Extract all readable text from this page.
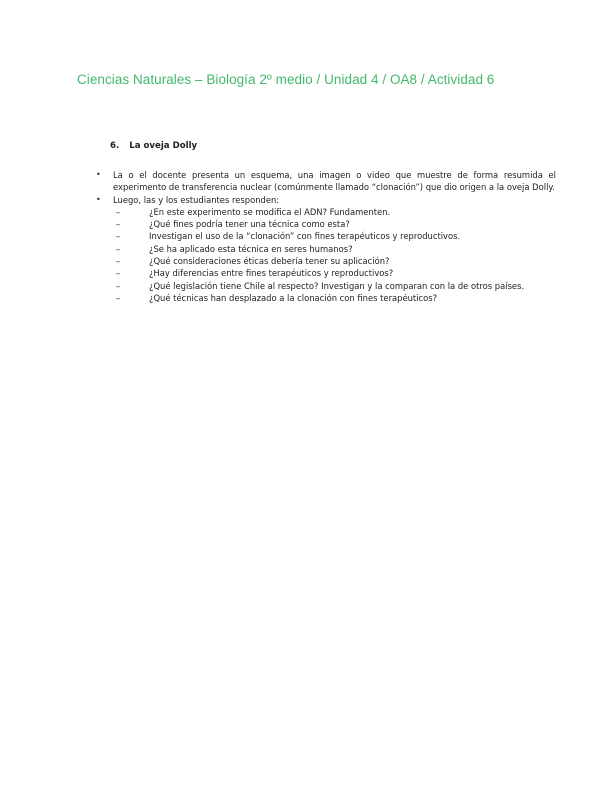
Ciencias Naturales – Biología 2º medio / Unidad 4 / OA8 / Actividad 6
6. La oveja Dolly
• La o el docente presenta un esquema, una imagen o video que muestre de forma resumida el experimento de transferencia nuclear (comúnmente llamado “clonación”) que dio origen a la oveja Dolly.
• Luego, las y los estudiantes responden:
–	¿En este experimento se modifica el ADN? Fundamenten.
–	¿Qué fines podría tener una técnica como esta?
–	Investigan el uso de la “clonación” con fines terapéuticos y reproductivos.
–	¿Se ha aplicado esta técnica en seres humanos?
–	¿Qué consideraciones éticas debería tener su aplicación?
–	¿Hay diferencias entre fines terapéuticos y reproductivos?
–	¿Qué legislación tiene Chile al respecto? Investigan y la comparan con la de otros países.
–	¿Qué técnicas han desplazado a la clonación con fines terapéuticos?
